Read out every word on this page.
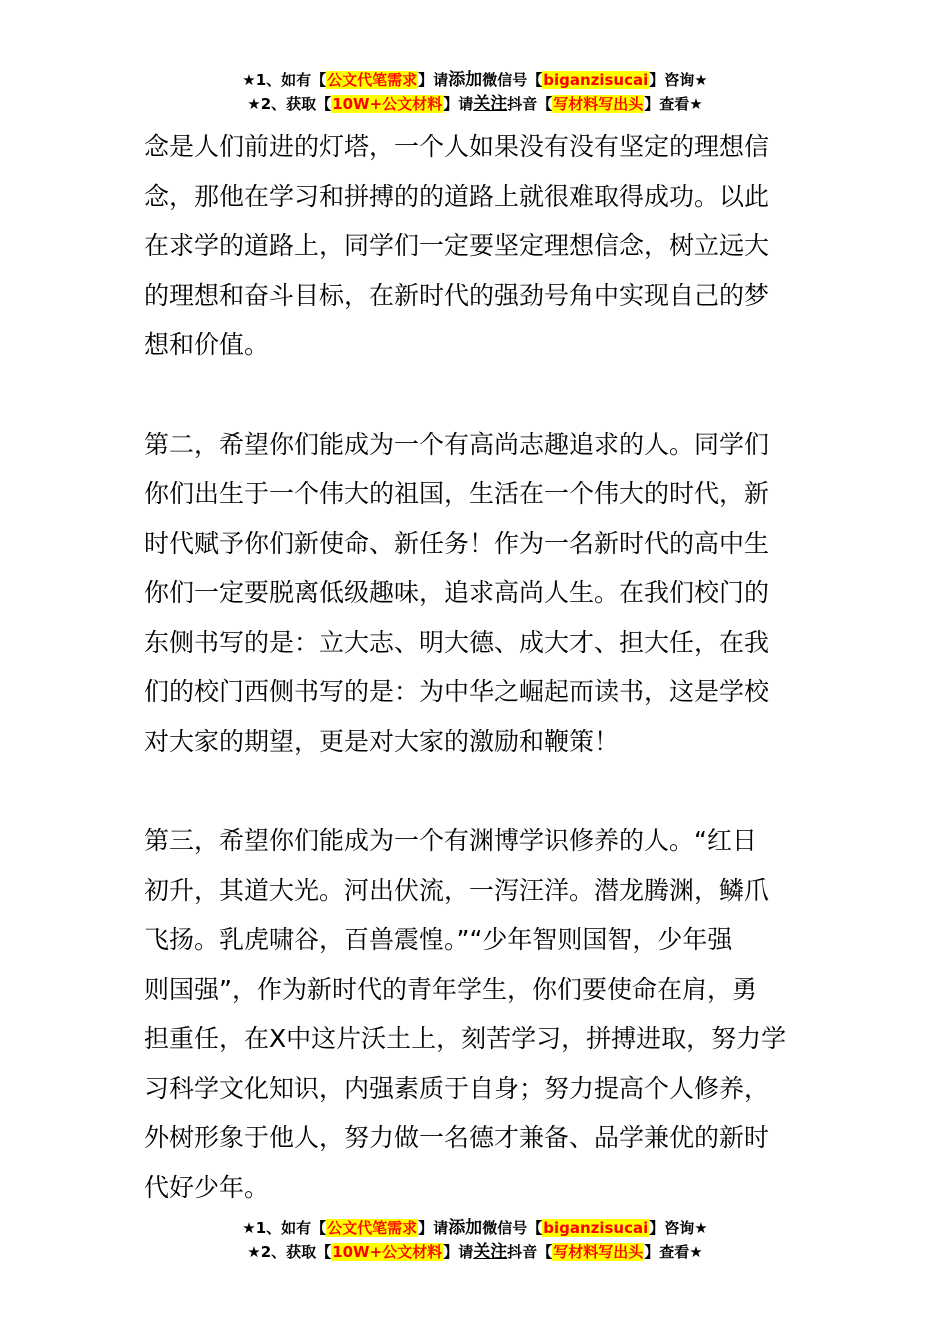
★1、如有【公文代笔需求】请添加微信号【biganzisucai】咨询★
★2、获取【10W+公文材料】请关注抖音【写材料写出头】查看★
念是人们前进的灯塔，一个人如果没有没有坚定的理想信
念，那他在学习和拼搏的的道路上就很难取得成功。以此
在求学的道路上，同学们一定要坚定理想信念，树立远大
的理想和奋斗目标，在新时代的强劲号角中实现自己的梦
想和价值。
第二，希望你们能成为一个有高尚志趣追求的人。同学们
你们出生于一个伟大的祖国，生活在一个伟大的时代，新
时代赋予你们新使命、新任务！作为一名新时代的高中生
你们一定要脱离低级趣味，追求高尚人生。在我们校门的
东侧书写的是：立大志、明大德、成大才、担大任，在我
们的校门西侧书写的是：为中华之崛起而读书，这是学校
对大家的期望，更是对大家的激励和鞭策！
第三，希望你们能成为一个有渊博学识修养的人。“红日
初升，其道大光。河出伏流，一泻汪洋。潜龙腾渊，鳞爪
飞扬。乳虎啸谷，百兽震惶。”“少年智则国智，少年强
则国强”，作为新时代的青年学生，你们要使命在肩，勇
担重任，在X中这片沃土上，刻苦学习，拼搏进取，努力学
习科学文化知识，内强素质于自身；努力提高个人修养，
外树形象于他人，努力做一名德才兼备、品学兼优的新时
代好少年。
★1、如有【公文代笔需求】请添加微信号【biganzisucai】咨询★
★2、获取【10W+公文材料】请关注抖音【写材料写出头】查看★
